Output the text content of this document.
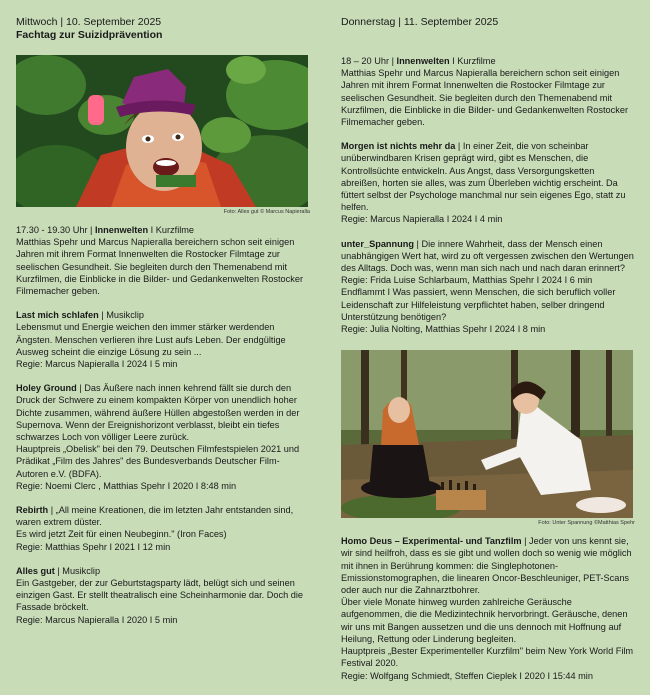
Mittwoch | 10. September 2025
Fachtag zur Suizidprävention
Foto: Alles gut © Marcus Napieralla
17.30 - 19.30 Uhr | Innenwelten I Kurzfilme

Matthias Spehr und Marcus Napieralla bereichern schon seit einigen Jahren mit ihrem Format Innenwelten die Rostocker Filmtage zur seelischen Gesundheit. Sie begleiten durch den Themenabend mit Kurzfilmen, die Einblicke in die Bilder- und Gedankenwelten Rostocker Filmemacher geben.

Last mich schlafen | Musikclip

Lebensmut und Energie weichen den immer stärker werdenden Ängsten. Menschen verlieren ihre Lust aufs Leben. Der endgültige Ausweg scheint die einzige Lösung zu sein ...

Regie: Marcus Napieralla I 2024 I 5 min

Holey Ground | Das Äußere nach innen kehrend fällt sie durch den Druck der Schwere zu einem kompakten Körper von unendlich hoher Dichte zusammen, während äußere Hüllen abgestoßen werden in der Supernova. Wenn der Ereignishorizont verblasst, bleibt ein tiefes schwarzes Loch von völliger Leere zurück.

Hauptpreis „Obelisk" bei den 79. Deutschen Filmfestspielen 2021 und Prädikat „Film des Jahres" des Bundesverbands Deutscher Film-Autoren e.V. (BDFA).

Regie: Noemi Clerc , Matthias Spehr I 2020 I 8:48 min

Rebirth | „All meine Kreationen, die im letzten Jahr entstanden sind, waren extrem düster.

Es wird jetzt Zeit für einen Neubeginn." (Iron Faces)

Regie: Matthias Spehr I 2021 I 12 min

Alles gut | Musikclip

Ein Gastgeber, der zur Geburtstagsparty lädt, belügt sich und seinen einzigen Gast. Er stellt theatralisch eine Scheinharmonie dar. Doch die Fassade bröckelt.

Regie: Marcus Napieralla I 2020 I 5 min

Donnerstag | 11. September 2025
18 – 20 Uhr | Innenwelten I Kurzfilme

Matthias Spehr und Marcus Napieralla bereichern schon seit einigen Jahren mit ihrem Format Innenwelten die Rostocker Filmtage zur seelischen Gesundheit. Sie begleiten durch den Themenabend mit Kurzfilmen, die Einblicke in die Bilder- und Gedankenwelten Rostocker Filmemacher geben.

Morgen ist nichts mehr da | In einer Zeit, die von scheinbar unüberwindbaren Krisen geprägt wird, gibt es Menschen, die Kontrollsüchte entwickeln. Aus Angst, dass Versorgungsketten abreißen, horten sie alles, was zum Überleben wichtig erscheint. Da füttert selbst der Psychologe manchmal nur sein eigenes Ego, statt zu helfen.

Regie: Marcus Napieralla I 2024 I 4 min

unter_Spannung | Die innere Wahrheit, dass der Mensch einen unabhängigen Wert hat, wird zu oft vergessen zwischen den Wertungen des Alltags. Doch was, wenn man sich nach und nach daran erinnert?

Regie: Frida Luise Schlarbaum, Matthias Spehr I 2024 I 6 min
Endflammt I Was passiert, wenn Menschen, die sich beruflich voller Leidenschaft zur Hilfeleistung verpflichtet haben, selber dringend Unterstützung benötigen?

Regie: Julia Nolting, Matthias Spehr I 2024 I 8 min

Foto: Unter Spannung ©Matthias Spehr
Homo Deus – Experimental- und Tanzfilm | Jeder von uns kennt sie, wir sind heilfroh, dass es sie gibt und wollen doch so wenig wie möglich mit ihnen in Berührung kommen: die Singlephotonen-Emissionstomographen, die linearen Oncor-Beschleuniger, PET-Scans oder auch nur die Zahnarztbohrer.

Über viele Monate hinweg wurden zahlreiche Geräusche aufgenommen, die die Medizintechnik hervorbringt. Geräusche, denen wir uns mit Bangen aussetzen und die uns dennoch mit Hoffnung auf Heilung, Rettung oder Linderung begleiten.
Hauptpreis „Bester Experimenteller Kurzfilm" beim New York World Film Festival 2020.

Regie: Wolfgang Schmiedt, Steffen Cieplek I 2020 I 15:44 min
